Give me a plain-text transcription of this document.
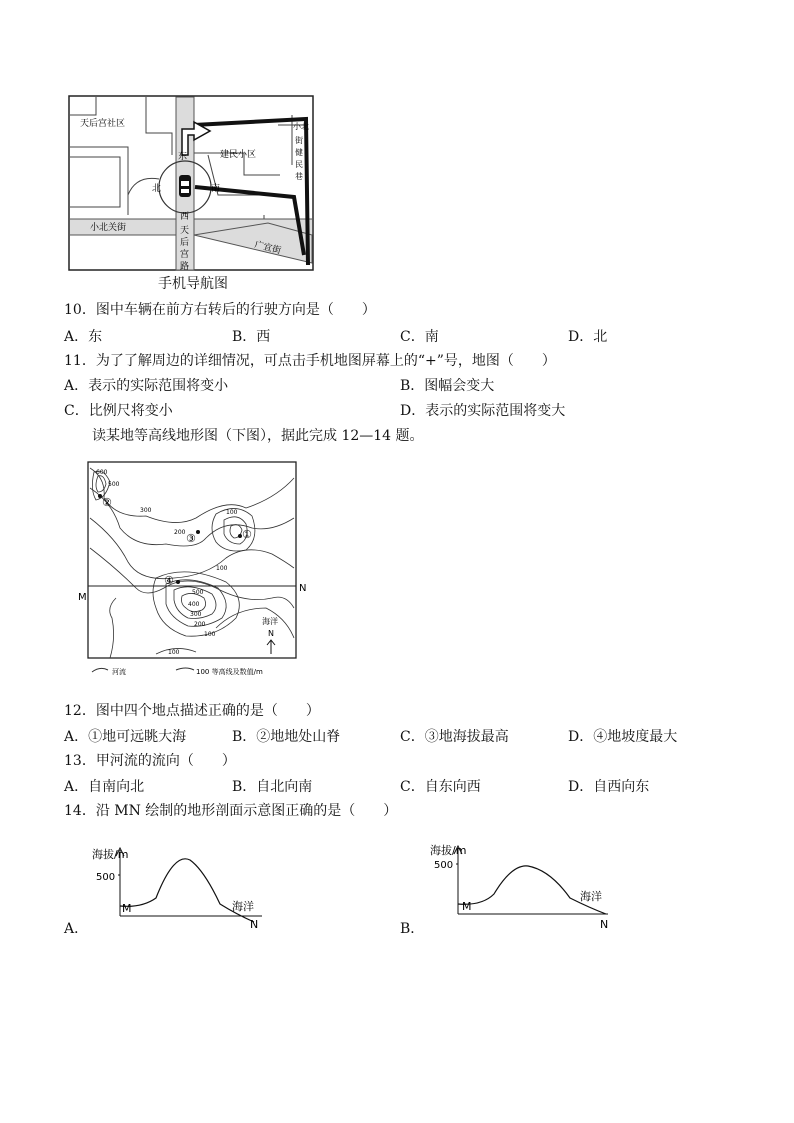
天后宫社区
建民小区
小北
街
健
民
巷
东
北	南
西
小北关街	天
后
宫
路
广宜街
手机导航图
10．图中车辆在前方右转后的行驶方向是（　　）
A．东	B．西	C．南	D．北
11．为了了解周边的详细情况，可点击手机地图屏幕上的“+”号，地图（　　）
A．表示的实际范围将变小	B．图幅会变大
C．比例尺将变小	D．表示的实际范围将变大
读某地等高线地形图（下图），据此完成 12—14 题。
M
N
②
③	①
④
600
500
300
200
100
100
500
400
300
200
100
100
海洋
N
河流	100 等高线及数值/m
12．图中四个地点描述正确的是（　　）
A．①地可远眺大海	B．②地地处山脊	C．③地海拔最高	D．④地坡度最大
13．甲河流的流向（　　）
A．自南向北	B．自北向南	C．自东向西	D．自西向东
14．沿 MN 绘制的地形剖面示意图正确的是（　　）
海拔/m
500
M	海洋
N
A．
海拔/m
500
M
海洋
N
B．
